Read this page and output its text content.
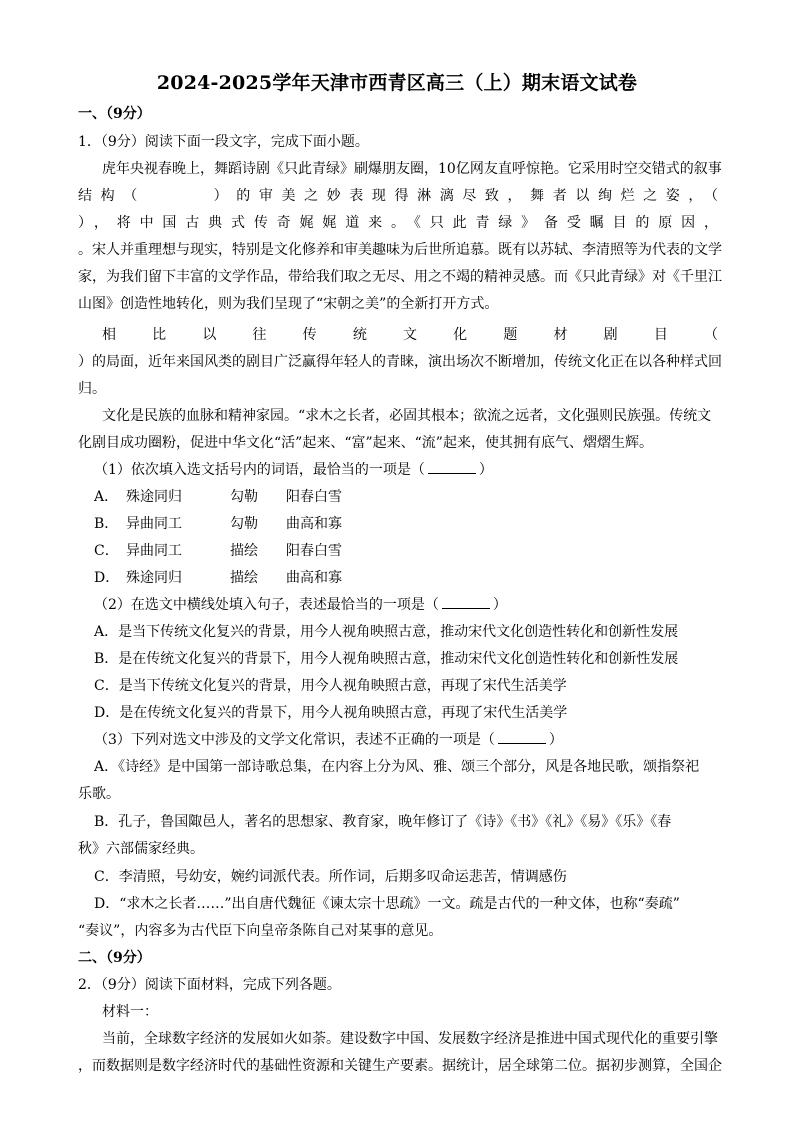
2024-2025学年天津市西青区高三（上）期末语文试卷
一、（9分）
1．（9分）阅读下面一段文字，完成下面小题。
虎年央视春晚上，舞蹈诗剧《只此青绿》刷爆朋友圈，10亿网友直呼惊艳。它采用时空交错式的叙事
结构（　　　）的审美之妙表现得淋漓尽致，舞者以绚烂之姿，（
），将中国古典式传奇娓娓道来。《只此青绿》备受瞩目的原因，
。宋人并重理想与现实，特别是文化修养和审美趣味为后世所追慕。既有以苏轼、李清照等为代表的文学
家，为我们留下丰富的文学作品，带给我们取之无尽、用之不竭的精神灵感。而《只此青绿》对《千里江
山图》创造性地转化，则为我们呈现了“宋朝之美”的全新打开方式。
相比以往传统文化题材剧目（
）的局面，近年来国风类的剧目广泛赢得年轻人的青睐，演出场次不断增加，传统文化正在以各种样式回
归。
文化是民族的血脉和精神家园。“求木之长者，必固其根本；欲流之远者，文化强则民族强。传统文
化剧目成功圈粉，促进中华文化“活”起来、“富”起来、“流”起来，使其拥有底气、熠熠生辉。
（1）依次填入选文括号内的词语，最恰当的一项是（	）
A． 殊途同归	勾勒 阳春白雪
B． 异曲同工	勾勒 曲高和寡
C． 异曲同工	描绘 阳春白雪
D． 殊途同归	描绘 曲高和寡
（2）在选文中横线处填入句子，表述最恰当的一项是（	）
A．是当下传统文化复兴的背景，用今人视角映照古意，推动宋代文化创造性转化和创新性发展
B．是在传统文化复兴的背景下，用今人视角映照古意，推动宋代文化创造性转化和创新性发展
C．是当下传统文化复兴的背景，用今人视角映照古意，再现了宋代生活美学
D．是在传统文化复兴的背景下，用今人视角映照古意，再现了宋代生活美学
（3）下列对选文中涉及的文学文化常识，表述不正确的一项是（	）
A．《诗经》是中国第一部诗歌总集，在内容上分为风、雅、颂三个部分，风是各地民歌，颂指祭祀
乐歌。
B．孔子，鲁国陬邑人，著名的思想家、教育家，晚年修订了《诗》《书》《礼》《易》《乐》《春
秋》六部儒家经典。
C．李清照，号幼安，婉约词派代表。所作词，后期多叹命运悲苦，情调感伤
D．“求木之长者……”出自唐代魏征《谏太宗十思疏》一文。疏是古代的一种文体，也称“奏疏”
“奏议”，内容多为古代臣下向皇帝条陈自己对某事的意见。
二、（9分）
2．（9分）阅读下面材料，完成下列各题。
材料一：
当前，全球数字经济的发展如火如荼。建设数字中国、发展数字经济是推进中国式现代化的重要引擎
，而数据则是数字经济时代的基础性资源和关键生产要素。据统计，居全球第二位。据初步测算，全国企
